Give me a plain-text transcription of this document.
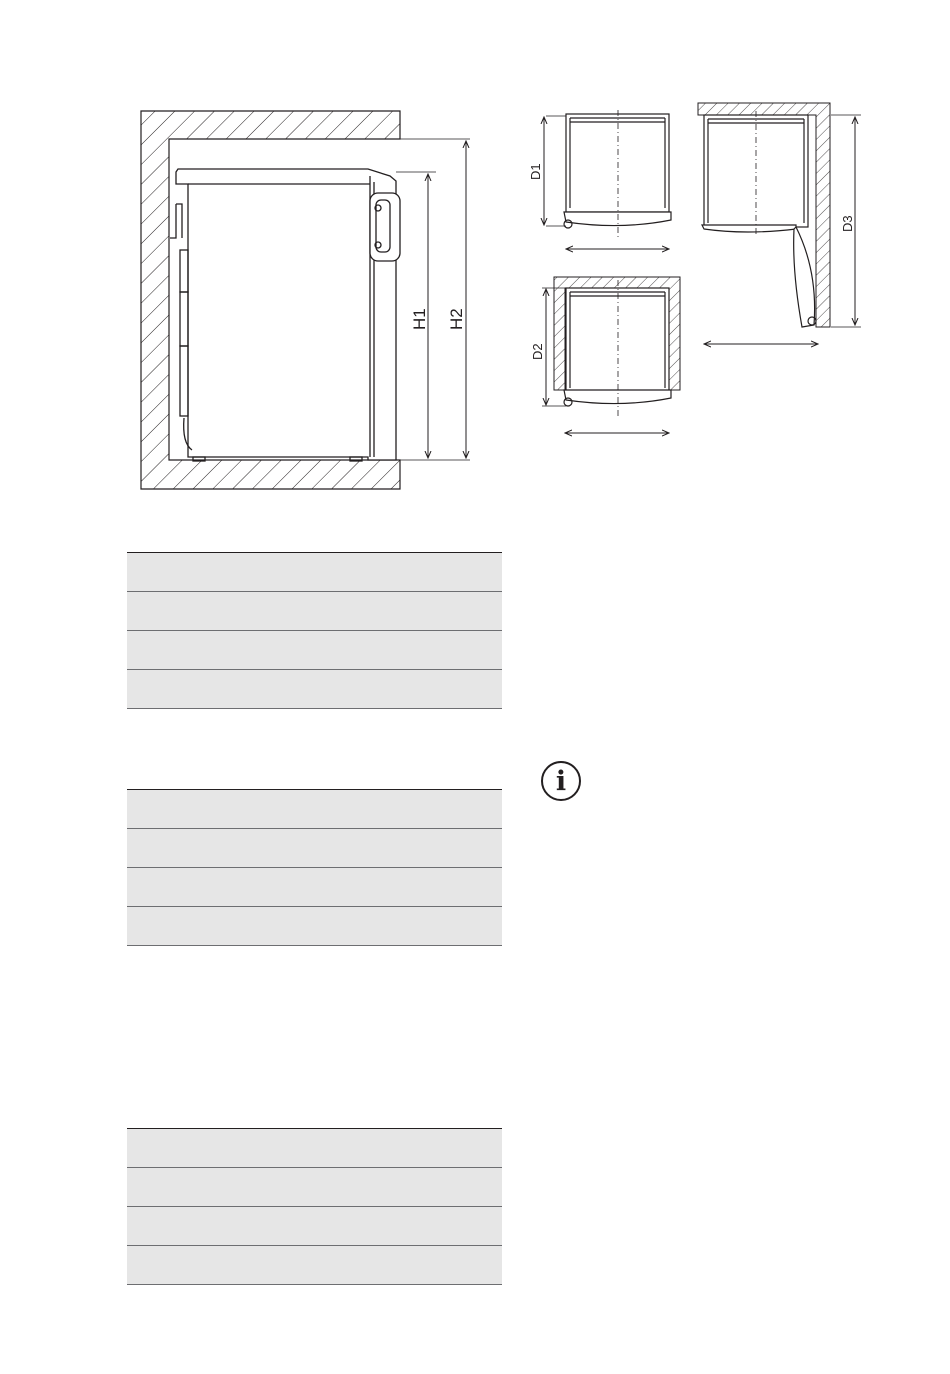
H1 H2
D1
D3
D2
i
